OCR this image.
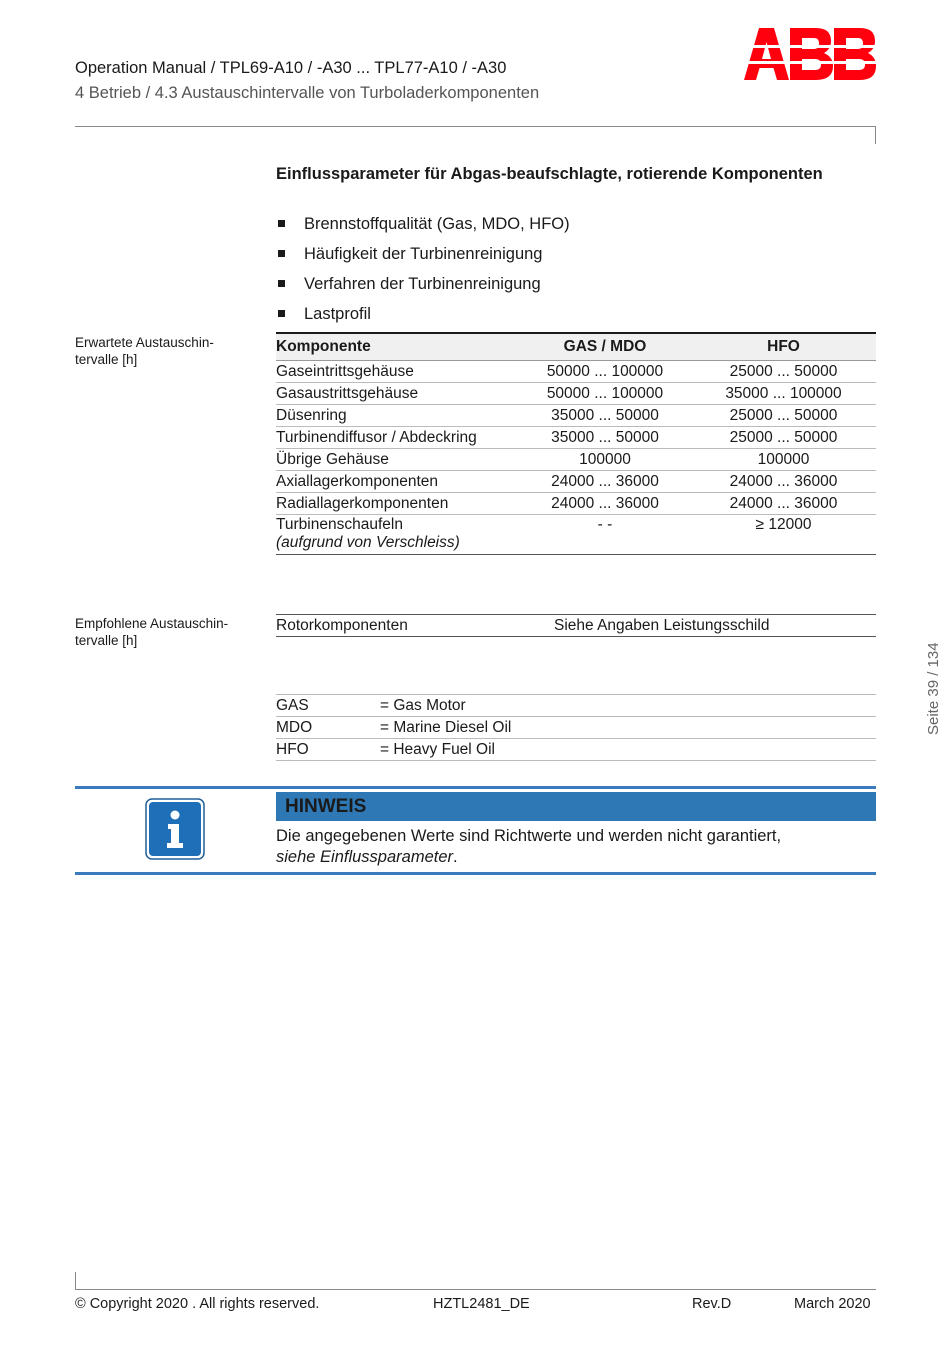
Operation Manual / TPL69-A10 / -A30 ... TPL77-A10 / -A30
4 Betrieb / 4.3 Austauschintervalle von Turboladerkomponenten
Einflussparameter für Abgas-beaufschlagte, rotierende Komponenten
Brennstoffqualität (Gas, MDO, HFO)
Häufigkeit der Turbinenreinigung
Verfahren der Turbinenreinigung
Lastprofil
Erwartete Austauschin-
tervalle [h]
Komponente	GAS / MDO	HFO
Gaseintrittsgehäuse	50000 ... 100000	25000 ... 50000
Gasaustrittsgehäuse	50000 ... 100000	35000 ... 100000
Düsenring	35000 ... 50000	25000 ... 50000
Turbinendiffusor / Abdeckring	35000 ... 50000	25000 ... 50000
Übrige Gehäuse	100000	100000
Axiallagerkomponenten	24000 ... 36000	24000 ... 36000
Radiallagerkomponenten	24000 ... 36000	24000 ... 36000

Turbinenschaufeln
(aufgrund von Verschleiss)	- -	≥ 12000
Empfohlene Austauschin-
tervalle [h]
Rotorkomponenten	Siehe Angaben Leistungsschild
GAS	= Gas Motor
MDO	= Marine Diesel Oil
HFO	= Heavy Fuel Oil
HINWEIS
Die angegebenen Werte sind Richtwerte und werden nicht garantiert,
siehe Einflussparameter.
Seite 39 / 134
© Copyright 2020 . All rights reserved.	HZTL2481_DE	Rev.D	March 2020
